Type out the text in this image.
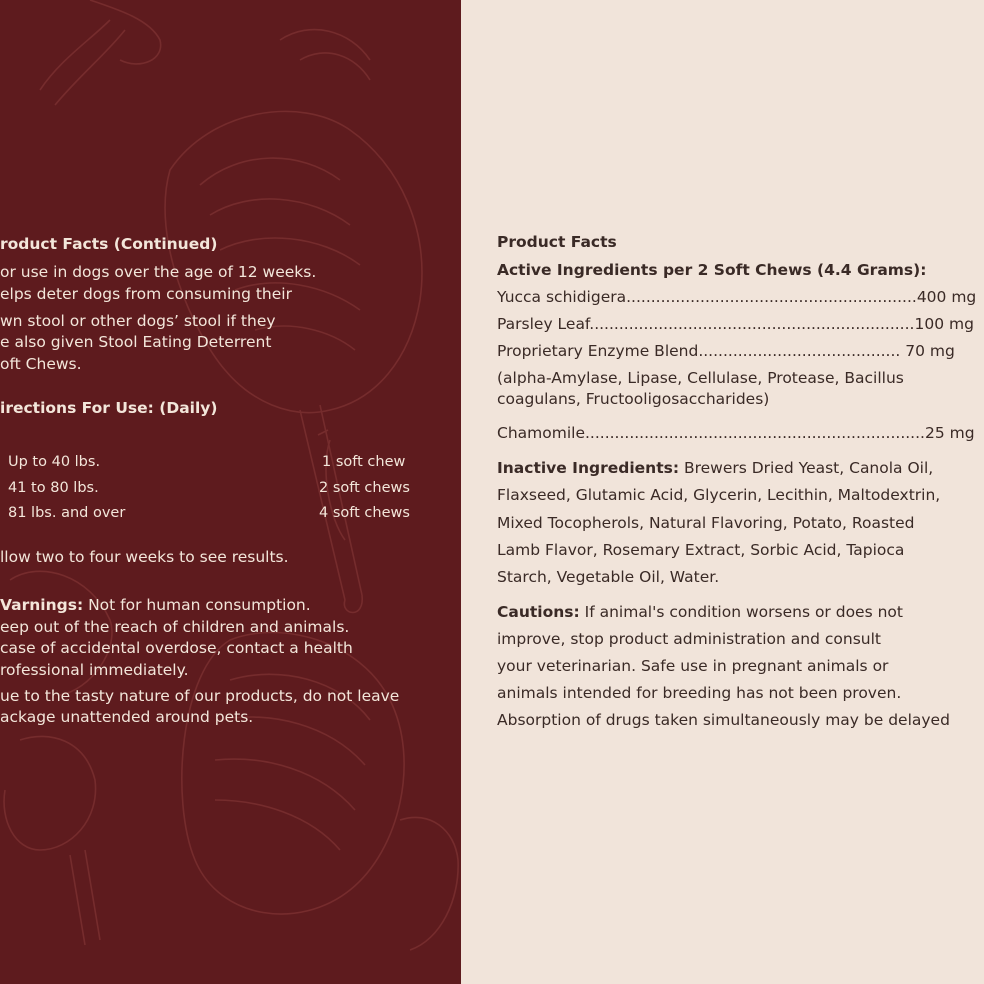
roduct Facts (Continued)
or use in dogs over the age of 12 weeks.
elps deter dogs from consuming their
wn stool or other dogs’ stool if they
e also given Stool Eating Deterrent
oft Chews.
irections For Use: (Daily)
Up to 40 lbs.	1 soft chew
41 to 80 lbs.	2 soft chews
81 lbs. and over	4 soft chews
llow two to four weeks to see results.
Varnings: Not for human consumption.
eep out of the reach of children and animals.
case of accidental overdose, contact a health
rofessional immediately.
ue to the tasty nature of our products, do not leave
ackage unattended around pets.
Product Facts
Active Ingredients per 2 Soft Chews (4.4 Grams):
Yucca schidigera...........................................................400 mg
Parsley Leaf..................................................................100 mg
Proprietary Enzyme Blend......................................... 70 mg
(alpha-Amylase, Lipase, Cellulase, Protease, Bacillus
coagulans, Fructooligosaccharides)
Chamomile.....................................................................25 mg
Inactive Ingredients: Brewers Dried Yeast, Canola Oil,
Flaxseed, Glutamic Acid, Glycerin, Lecithin, Maltodextrin,
Mixed Tocopherols, Natural Flavoring, Potato, Roasted
Lamb Flavor, Rosemary Extract, Sorbic Acid, Tapioca
Starch, Vegetable Oil, Water.
Cautions: If animal's condition worsens or does not
improve, stop product administration and consult
your veterinarian. Safe use in pregnant animals or
animals intended for breeding has not been proven.
Absorption of drugs taken simultaneously may be delayed
